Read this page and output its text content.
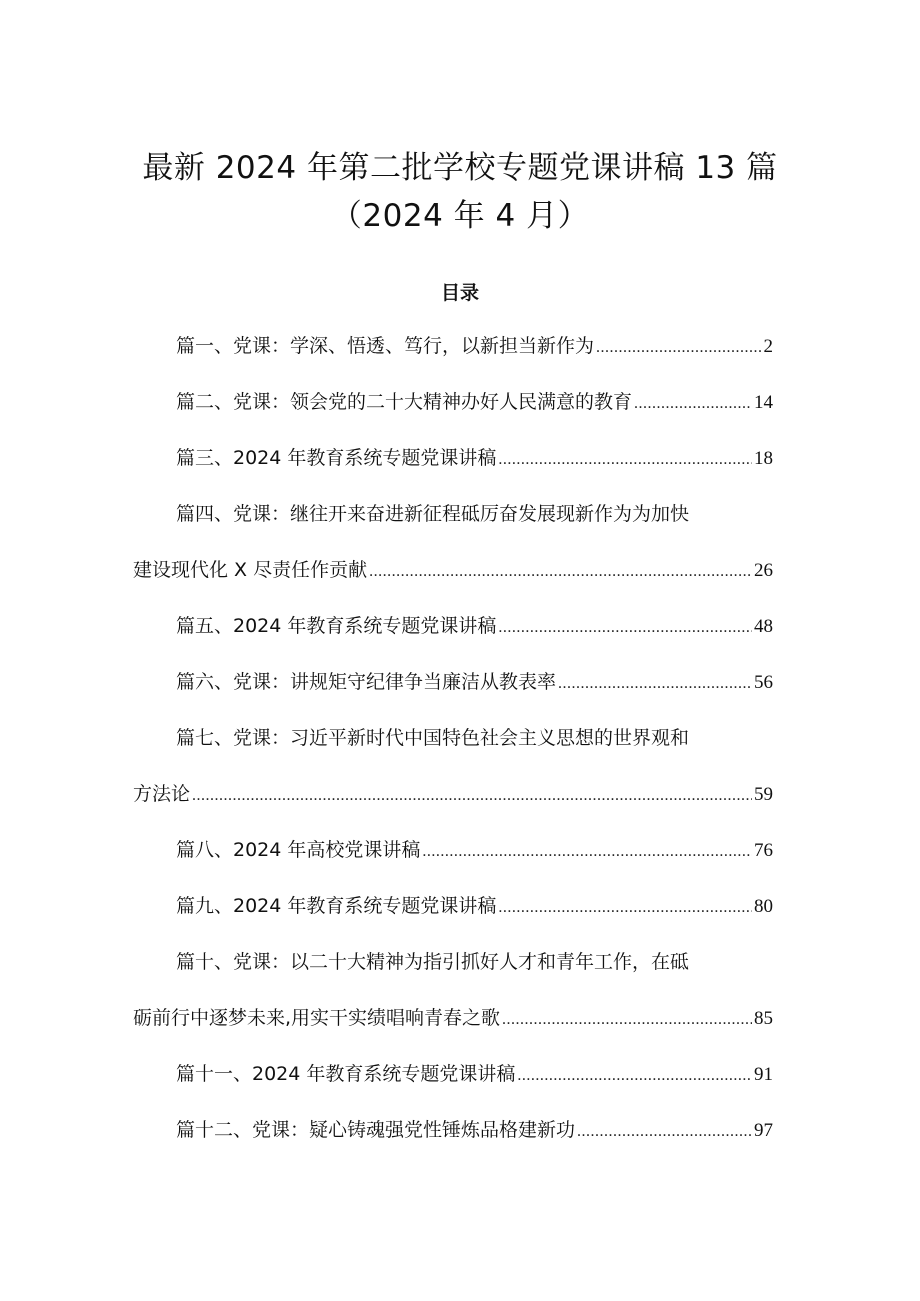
最新 2024 年第二批学校专题党课讲稿 13 篇
（2024 年 4 月）
目录
篇一、党课：学深、悟透、笃行，以新担当新作为 .....	2
篇二、党课：领会党的二十大精神办好人民满意的教育 .....	14
篇三、2024 年教育系统专题党课讲稿 .....	18
篇四、党课：继往开来奋进新征程砥厉奋发展现新作为为加快
建设现代化 X 尽责任作贡献 .....	26
篇五、2024 年教育系统专题党课讲稿 .....	48
篇六、党课：讲规矩守纪律争当廉洁从教表率 .....	56
篇七、党课：习近平新时代中国特色社会主义思想的世界观和
方法论 .....	59
篇八、2024 年高校党课讲稿 .....	76
篇九、2024 年教育系统专题党课讲稿 .....	80
篇十、党课：以二十大精神为指引抓好人才和青年工作，在砥
砺前行中逐梦未来,用实干实绩唱响青春之歌 .....	85
篇十一、2024 年教育系统专题党课讲稿 .....	91
篇十二、党课：疑心铸魂强党性锤炼品格建新功 .....	97
